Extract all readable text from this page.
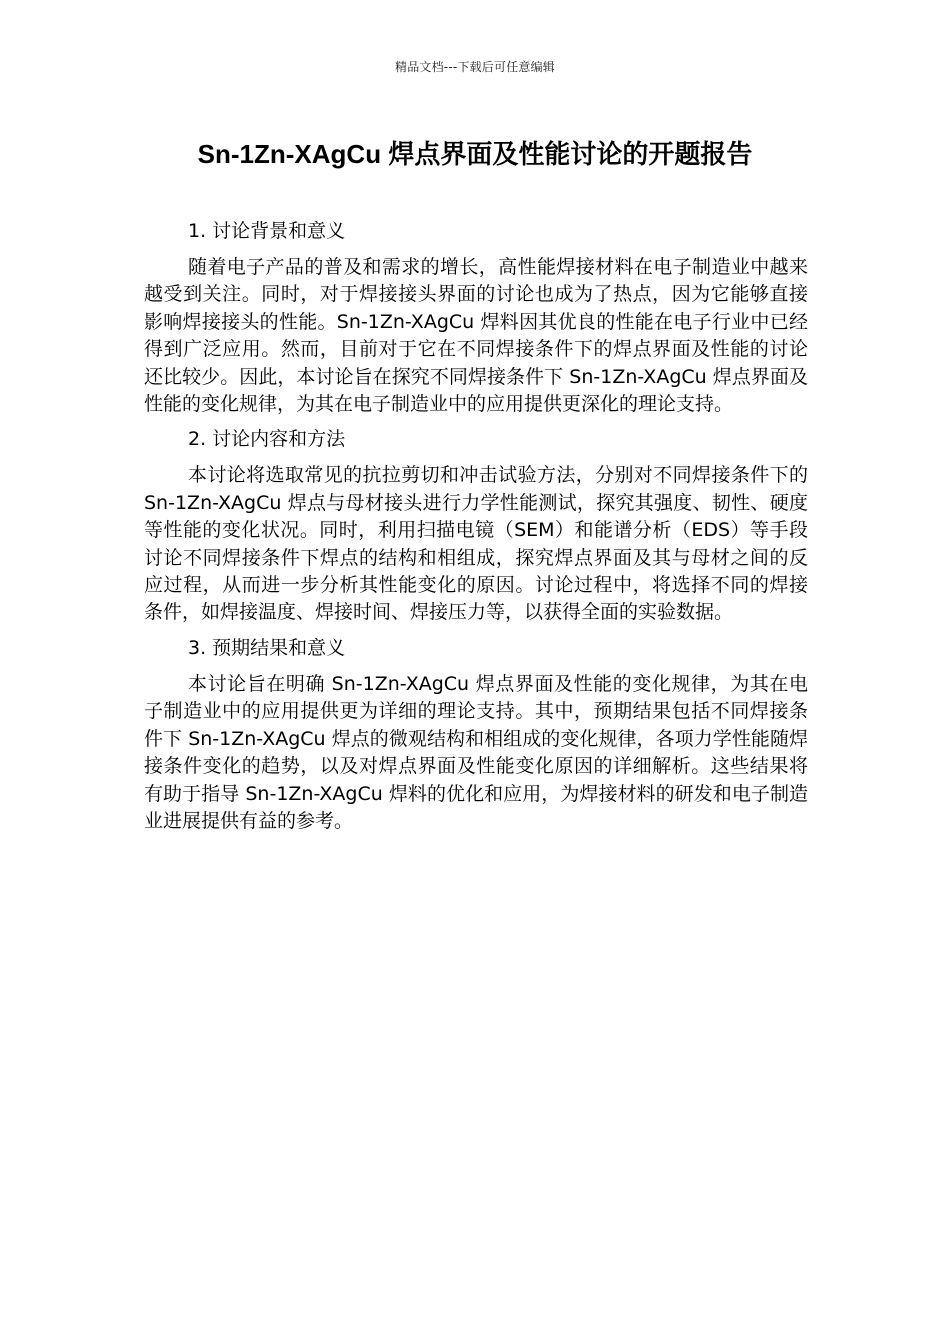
精品文档---下载后可任意编辑
Sn-1Zn-XAgCu 焊点界面及性能讨论的开题报告
1. 讨论背景和意义

随着电子产品的普及和需求的增长，高性能焊接材料在电子制造业中越来越受到关注。同时，对于焊接接头界面的讨论也成为了热点，因为它能够直接影响焊接接头的性能。Sn-1Zn-XAgCu 焊料因其优良的性能在电子行业中已经得到广泛应用。然而，目前对于它在不同焊接条件下的焊点界面及性能的讨论还比较少。因此，本讨论旨在探究不同焊接条件下 Sn-1Zn-XAgCu 焊点界面及性能的变化规律，为其在电子制造业中的应用提供更深化的理论支持。

2. 讨论内容和方法

本讨论将选取常见的抗拉剪切和冲击试验方法，分别对不同焊接条件下的 Sn-1Zn-XAgCu 焊点与母材接头进行力学性能测试，探究其强度、韧性、硬度等性能的变化状况。同时，利用扫描电镜（SEM）和能谱分析（EDS）等手段讨论不同焊接条件下焊点的结构和相组成，探究焊点界面及其与母材之间的反应过程，从而进一步分析其性能变化的原因。讨论过程中，将选择不同的焊接条件，如焊接温度、焊接时间、焊接压力等，以获得全面的实验数据。

3. 预期结果和意义

本讨论旨在明确 Sn-1Zn-XAgCu 焊点界面及性能的变化规律，为其在电子制造业中的应用提供更为详细的理论支持。其中，预期结果包括不同焊接条件下 Sn-1Zn-XAgCu 焊点的微观结构和相组成的变化规律，各项力学性能随焊接条件变化的趋势，以及对焊点界面及性能变化原因的详细解析。这些结果将有助于指导 Sn-1Zn-XAgCu 焊料的优化和应用，为焊接材料的研发和电子制造业进展提供有益的参考。
